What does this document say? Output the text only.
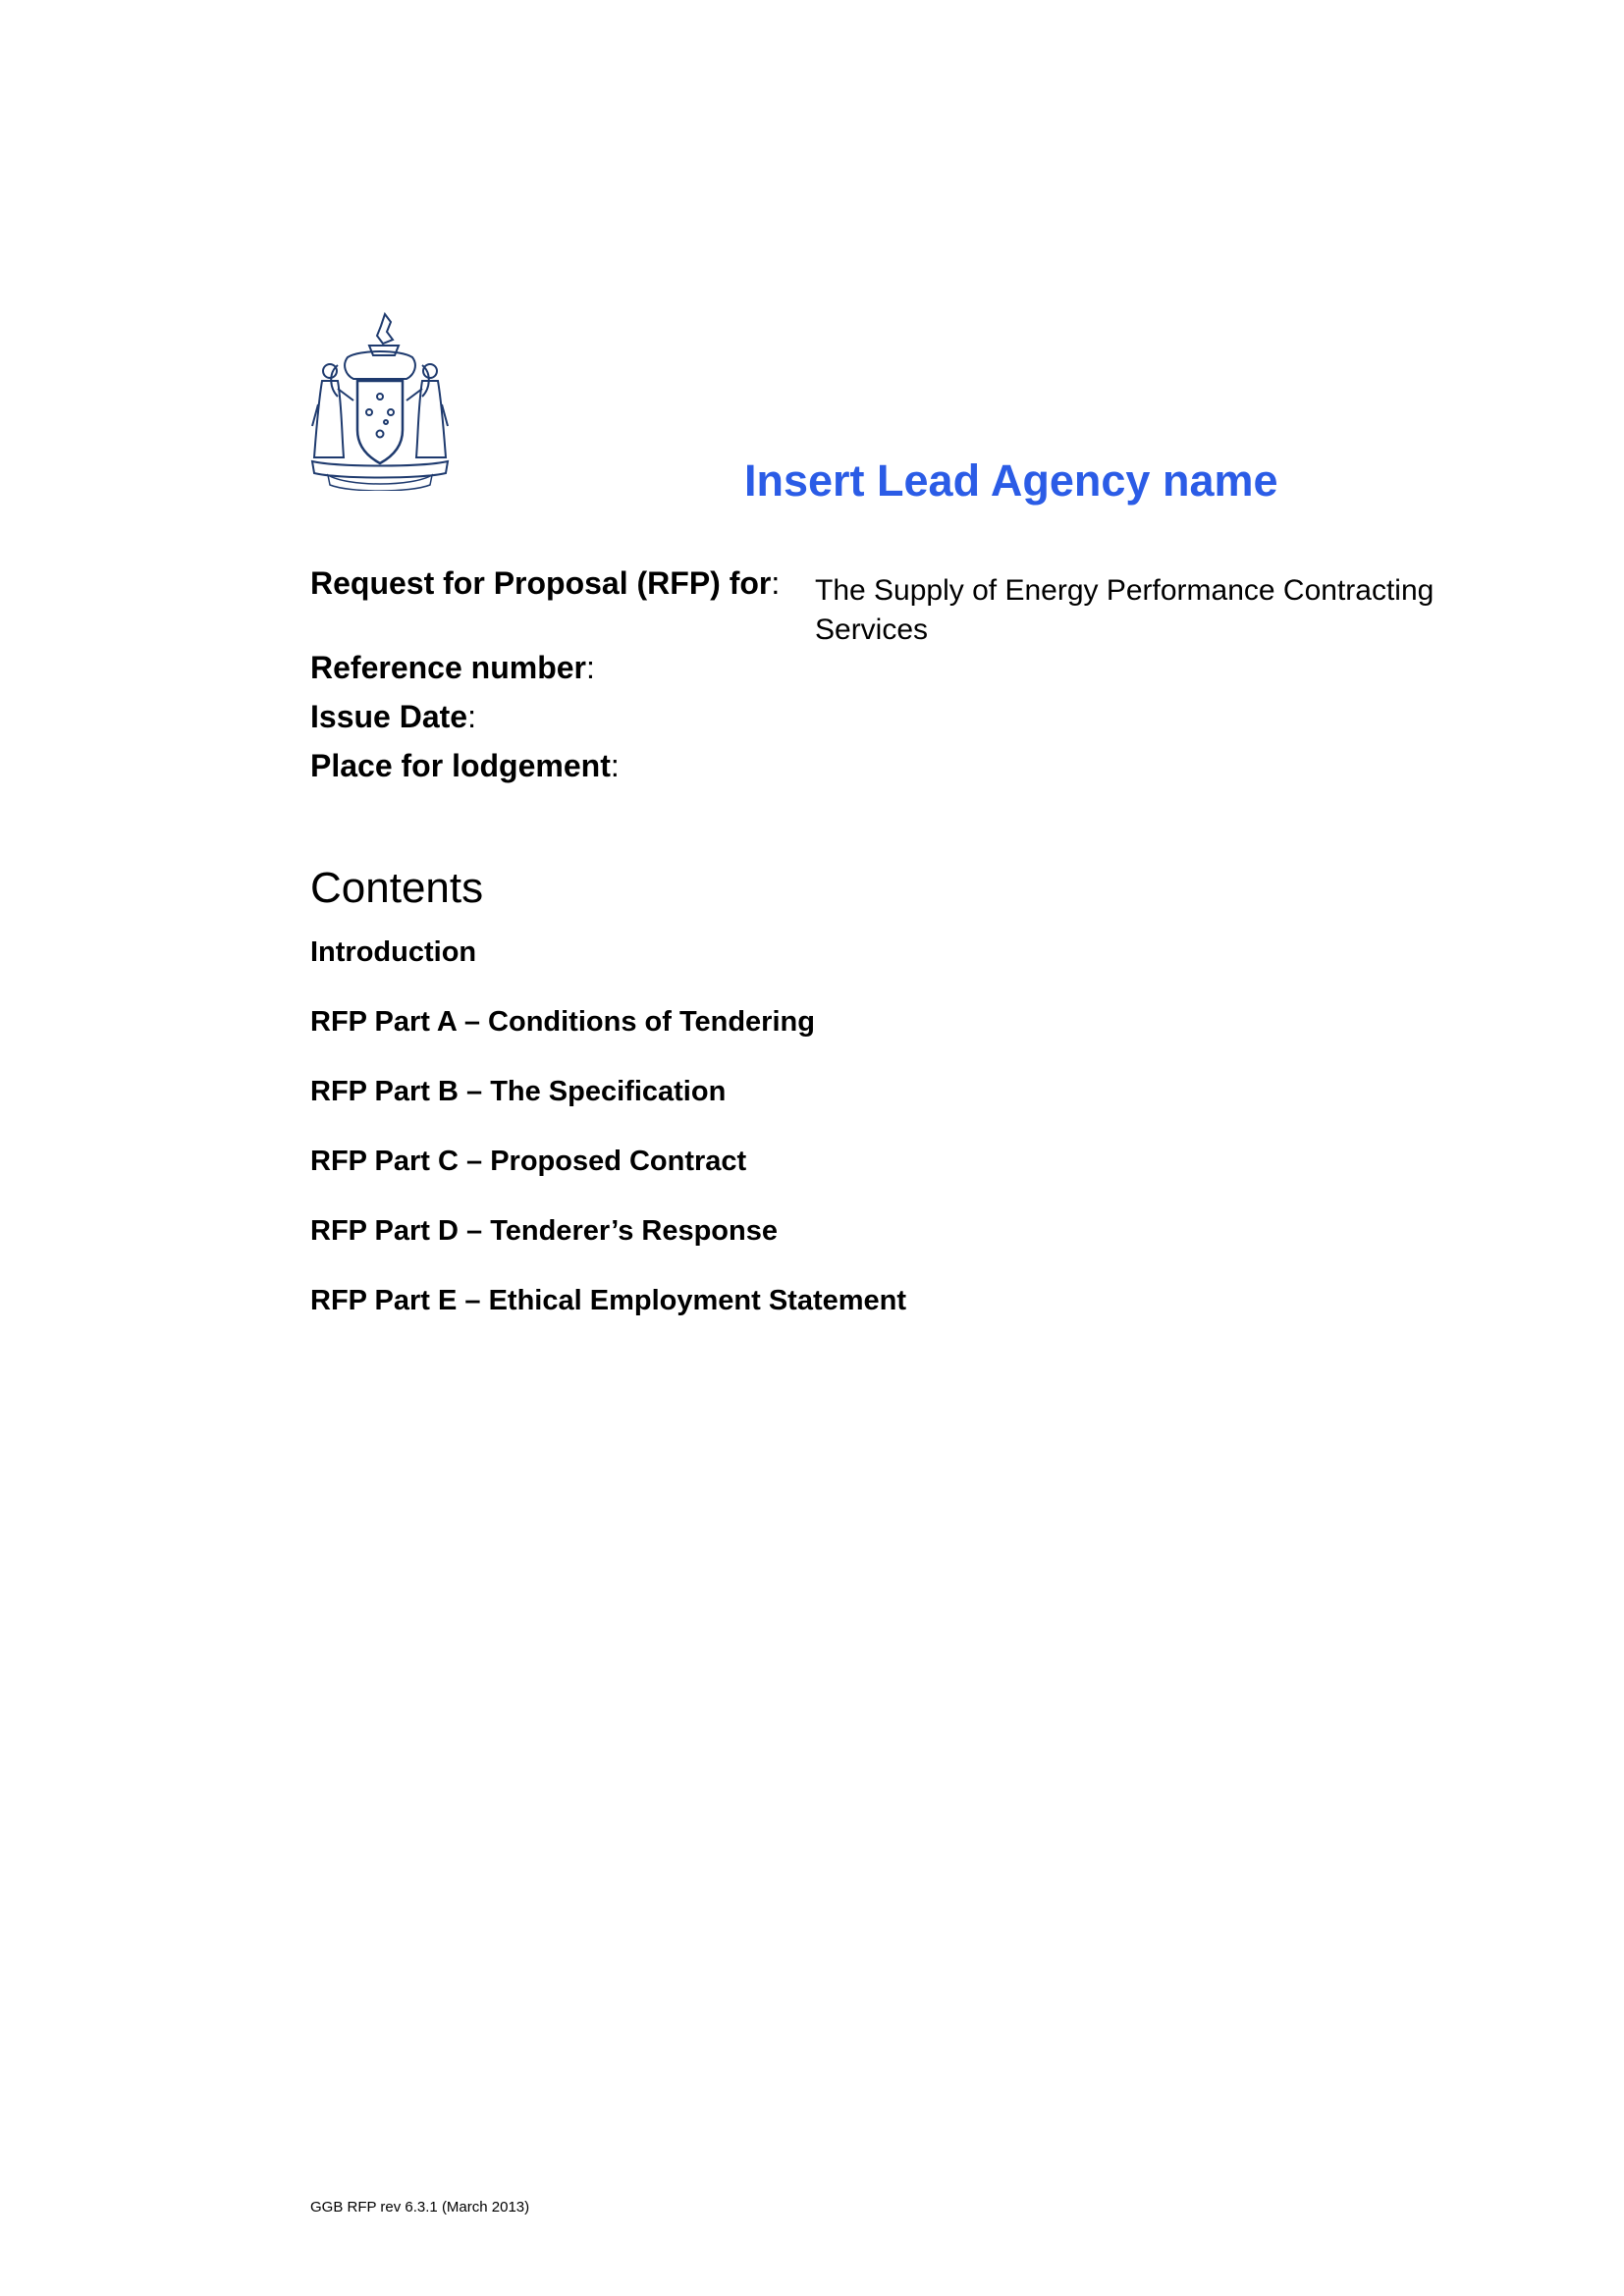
Insert Lead Agency name
Request for Proposal (RFP) for: The Supply of Energy Performance Contracting Services
Reference number:
Issue Date:
Place for lodgement:
Contents
Introduction
RFP Part A – Conditions of Tendering
RFP Part B – The Specification
RFP Part C – Proposed Contract
RFP Part D – Tenderer’s Response
RFP Part E – Ethical Employment Statement
GGB RFP rev 6.3.1 (March 2013)
